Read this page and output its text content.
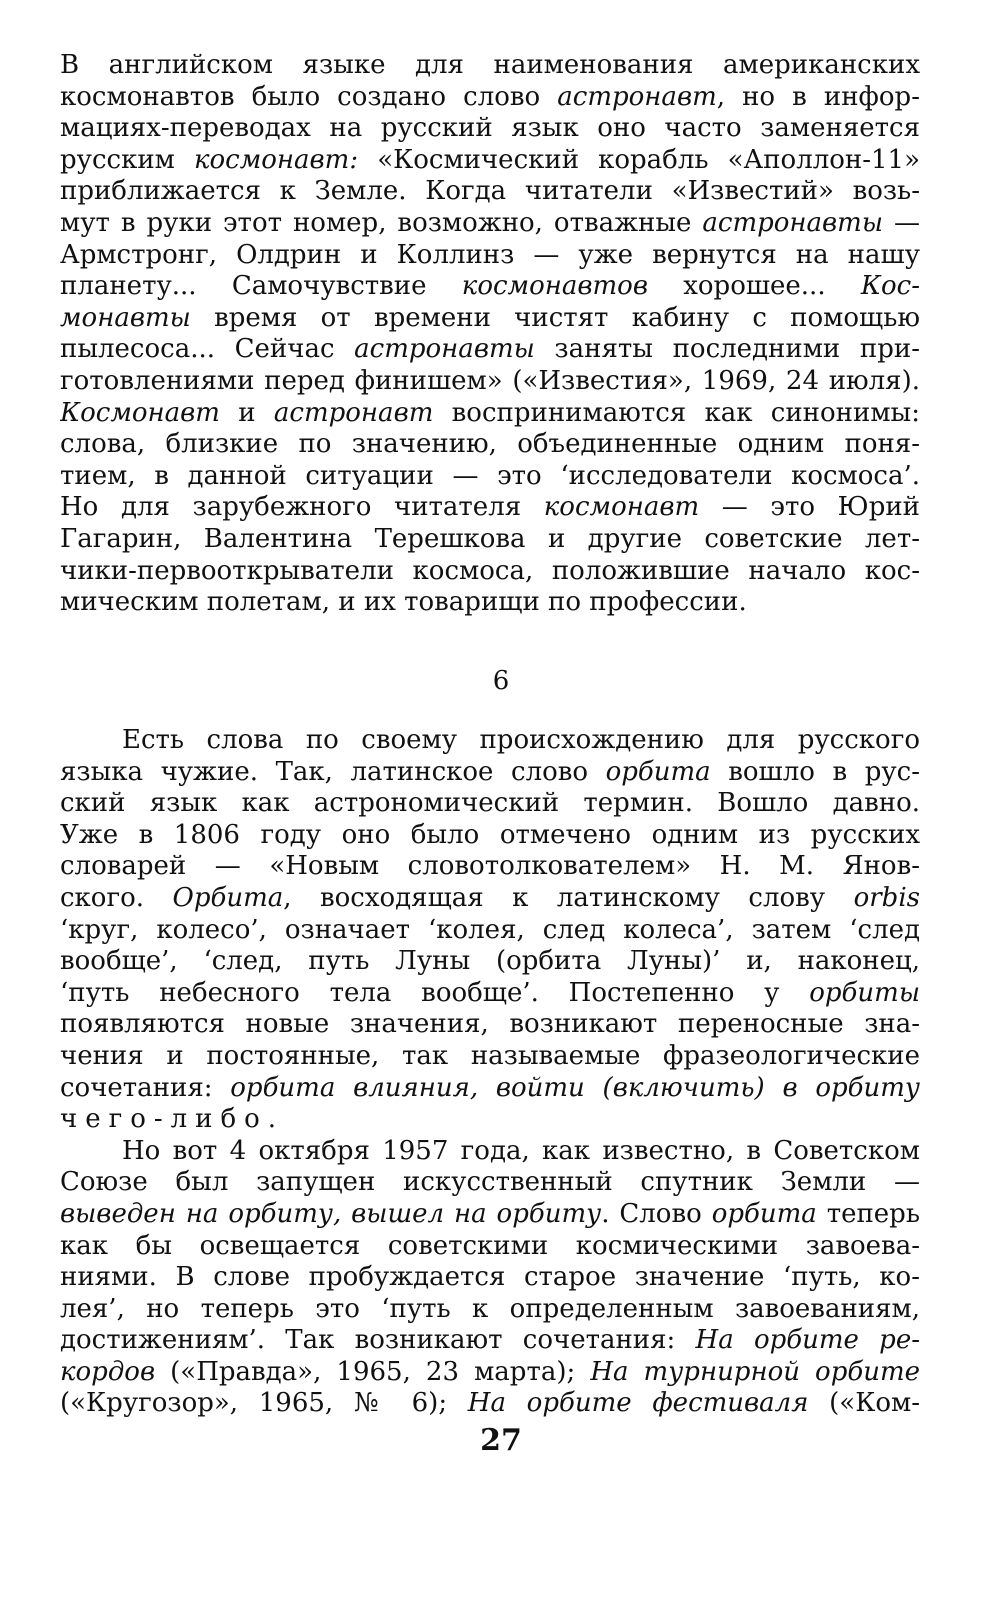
В английском языке для наименования американских
космонавтов было создано слово астронавт, но в инфор-
мациях-переводах на русский язык оно часто заменяется
русским космонавт: «Космический корабль «Аполлон-11»
приближается к Земле. Когда читатели «Известий» возь-
мут в руки этот номер, возможно, отважные астронавты —
Армстронг, Олдрин и Коллинз — уже вернутся на нашу
планету... Самочувствие космонавтов хорошее... Кос-
монавты время от времени чистят кабину с помощью
пылесоса... Сейчас астронавты заняты последними при-
готовлениями перед финишем» («Известия», 1969, 24 июля).
Космонавт и астронавт воспринимаются как синонимы:
слова, близкие по значению, объединенные одним поня-
тием, в данной ситуации — это ‘исследователи космоса’.
Но для зарубежного читателя космонавт — это Юрий
Гагарин, Валентина Терешкова и другие советские лет-
чики-первооткрыватели космоса, положившие начало кос-
мическим полетам, и их товарищи по профессии.
6
Есть слова по своему происхождению для русского
языка чужие. Так, латинское слово орбита вошло в рус-
ский язык как астрономический термин. Вошло давно.
Уже в 1806 году оно было отмечено одним из русских
словарей — «Новым словотолкователем» Н. М. Янов-
ского. Орбита, восходящая к латинскому слову orbis
‘круг, колесо’, означает ‘колея, след колеса’, затем ‘след
вообще’, ‘след, путь Луны (орбита Луны)’ и, наконец,
‘путь небесного тела вообще’. Постепенно у орбиты
появляются новые значения, возникают переносные зна-
чения и постоянные, так называемые фразеологические
сочетания: орбита влияния, войти (включить) в орбиту
чего-либо.
Но вот 4 октября 1957 года, как известно, в Советском
Союзе был запущен искусственный спутник Земли —
выведен на орбиту, вышел на орбиту. Слово орбита теперь
как бы освещается советскими космическими завоева-
ниями. В слове пробуждается старое значение ‘путь, ко-
лея’, но теперь это ‘путь к определенным завоеваниям,
достижениям’. Так возникают сочетания: На орбите ре-
кордов («Правда», 1965, 23 марта); На турнирной орбите
(«Кругозор», 1965, № 6); На орбите фестиваля («Ком-
27
